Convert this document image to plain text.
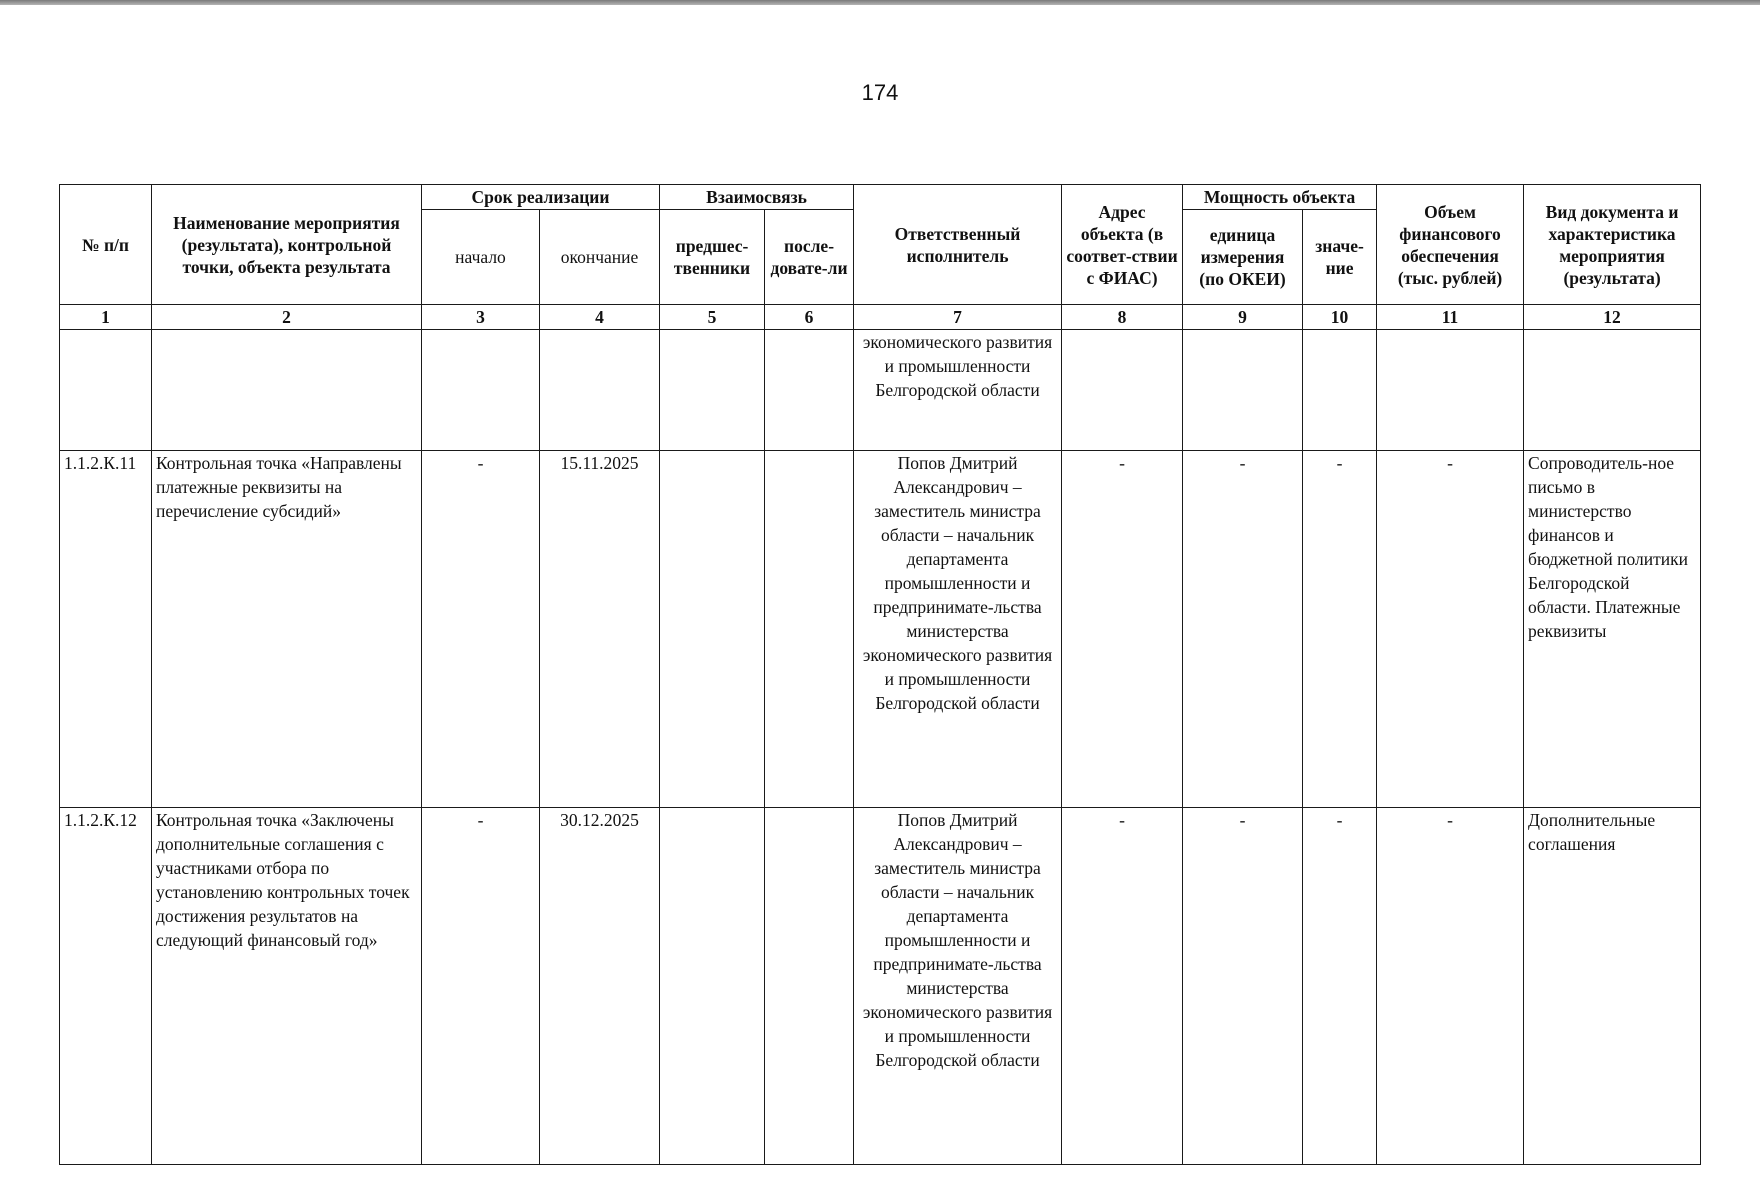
174
№ п/п	Наименование мероприятия (результата), контрольной точки, объекта результата	Срок реализации		Взаимосвязь		Ответственный исполнитель	Адрес объекта (в соответ-ствии с ФИАС)	Мощность объекта		Объем финансового обеспечения (тыс. рублей)	Вид документа и характеристика мероприятия (результата)
		начало	окончание	предшес-твенники	после-довате-ли			единица измерения (по ОКЕИ)	значе-ние		
1	2	3	4	5	6	7	8	9	10	11	12
						экономического развития и промышленности Белгородской области					
1.1.2.К.11	Контрольная точка «Направлены платежные реквизиты на перечисление субсидий»	-	15.11.2025			Попов Дмитрий Александрович – заместитель министра области – начальник департамента промышленности и предпринимате-льства министерства экономического развития и промышленности Белгородской области	-	-	-	-	Сопроводитель-ное письмо в министерство финансов и бюджетной политики Белгородской области. Платежные реквизиты
1.1.2.К.12	Контрольная точка «Заключены дополнительные соглашения с участниками отбора по установлению контрольных точек достижения результатов на следующий финансовый год»	-	30.12.2025			Попов Дмитрий Александрович – заместитель министра области – начальник департамента промышленности и предпринимате-льства министерства экономического развития и промышленности Белгородской области	-	-	-	-	Дополнительные соглашения
